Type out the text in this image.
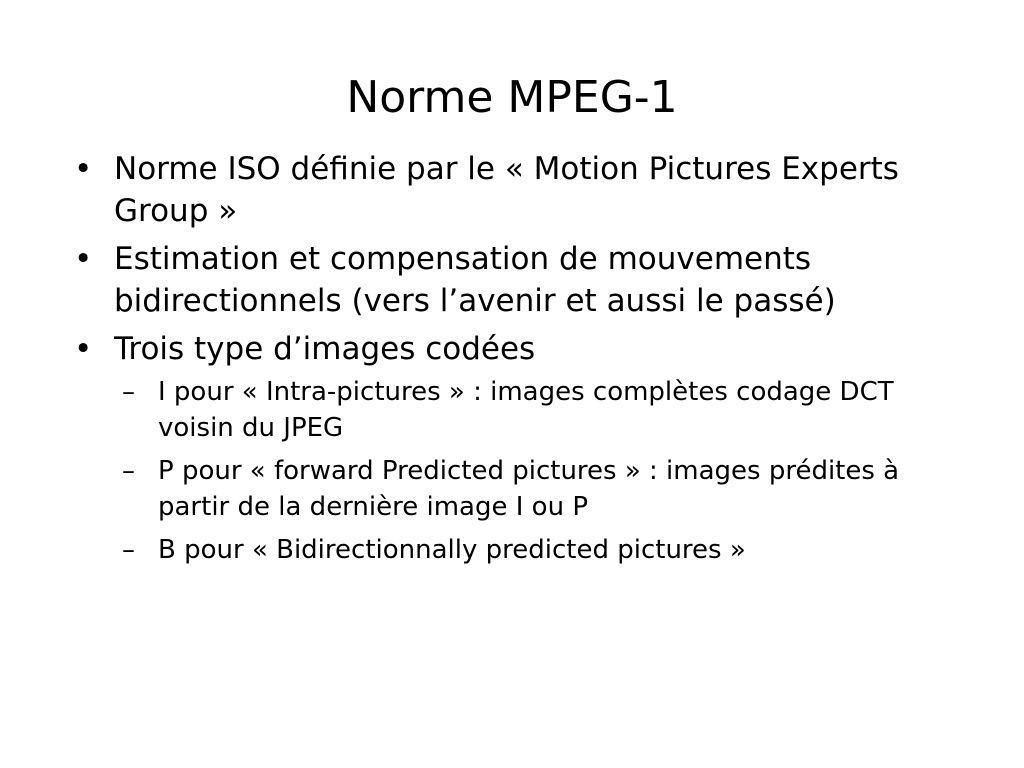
Norme MPEG-1
• Norme ISO définie par le « Motion Pictures Experts Group »
• Estimation et compensation de mouvements bidirectionnels (vers l’avenir et aussi le passé)
• Trois type d’images codées
– I pour « Intra-pictures » : images complètes codage DCT voisin du JPEG
– P pour « forward Predicted pictures » : images prédites à partir de la dernière image I ou P
– B pour « Bidirectionnally predicted pictures »
